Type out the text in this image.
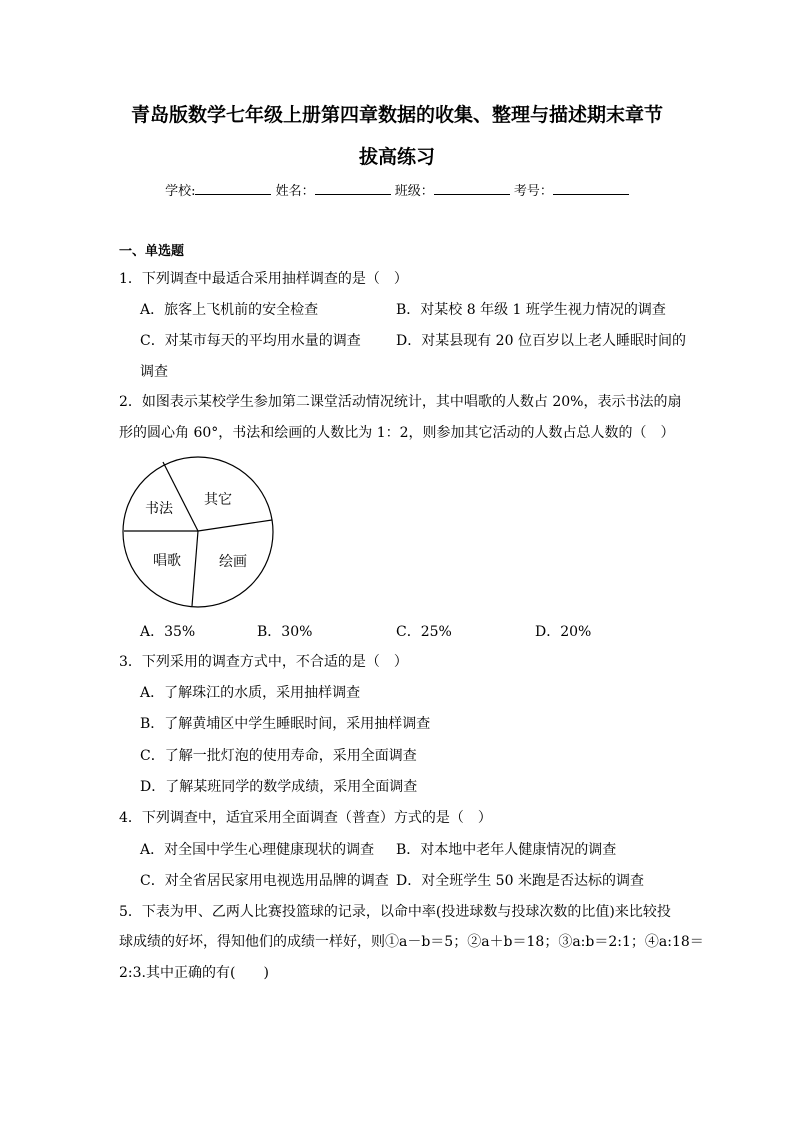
青岛版数学七年级上册第四章数据的收集、整理与描述期末章节
拔高练习
学校:	姓名：	班级：	考号：
一、单选题
1．下列调查中最适合采用抽样调查的是（　）
A．旅客上飞机前的安全检查	B．对某校 8 年级 1 班学生视力情况的调查
C．对某市每天的平均用水量的调查	D．对某县现有 20 位百岁以上老人睡眠时间的
调查
2．如图表示某校学生参加第二课堂活动情况统计，其中唱歌的人数占 20%，表示书法的扇
形的圆心角 60°，书法和绘画的人数比为 1：2，则参加其它活动的人数占总人数的（　）
书法
其它
唱歌	绘画
A．35%	B．30%	C．25%	D．20%
3．下列采用的调查方式中，不合适的是（　）
A．了解珠江的水质，采用抽样调查
B．了解黄埔区中学生睡眠时间，采用抽样调查
C．了解一批灯泡的使用寿命，采用全面调查
D．了解某班同学的数学成绩，采用全面调查
4．下列调查中，适宜采用全面调查（普查）方式的是（　）
A．对全国中学生心理健康现状的调查 B．对本地中老年人健康情况的调查
C．对全省居民家用电视选用品牌的调查 D．对全班学生 50 米跑是否达标的调查
5．下表为甲、乙两人比赛投篮球的记录，以命中率(投进球数与投球次数的比值)来比较投
球成绩的好坏，得知他们的成绩一样好，则①a－b＝5；②a＋b＝18；③a:b＝2:1；④a:18＝
2:3.其中正确的有(　　)
